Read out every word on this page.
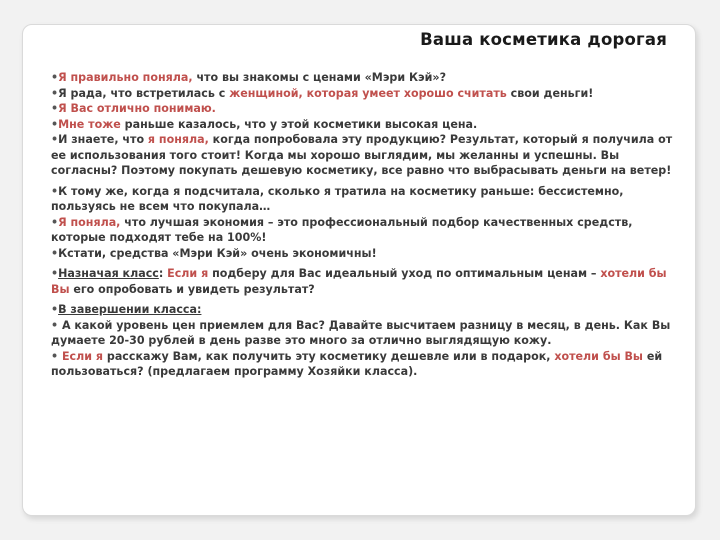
Ваша косметика дорогая

•Я правильно поняла, что вы знакомы с ценами «Мэри Кэй»?

•Я рада, что встретилась с женщиной, которая умеет хорошо считать свои деньги!

•Я Вас отлично понимаю.

•Мне тоже раньше казалось, что у этой косметики высокая цена.

•И знаете, что я поняла, когда попробовала эту продукцию? Результат, который я получила от ее использования того стоит! Когда мы хорошо выглядим, мы желанны и успешны. Вы согласны? Поэтому покупать дешевую косметику, все равно что выбрасывать деньги на ветер!

•К тому же, когда я подсчитала, сколько я тратила на косметику раньше: бессистемно, пользуясь не всем что покупала…

•Я поняла, что лучшая экономия – это профессиональный подбор качественных средств, которые подходят тебе на 100%!

•Кстати, средства «Мэри Кэй» очень экономичны!

•Назначая класс: Если я подберу для Вас идеальный уход по оптимальным ценам – хотели бы Вы его опробовать и увидеть результат?

•В завершении класса:

• А какой уровень цен приемлем для Вас? Давайте высчитаем разницу в месяц, в день. Как Вы думаете 20-30 рублей в день разве это много за отлично выглядящую кожу.

• Если я расскажу Вам, как получить эту косметику дешевле или в подарок, хотели бы Вы ей пользоваться? (предлагаем программу Хозяйки класса).
